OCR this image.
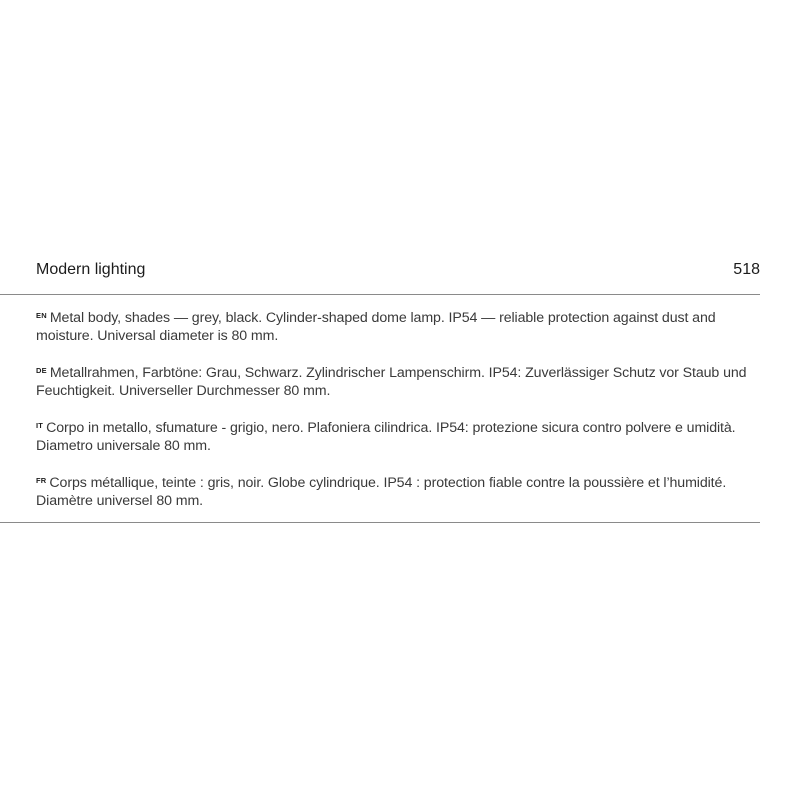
Modern lighting	518

$^{EN}$ Metal body, shades — grey, black. Cylinder-shaped dome lamp. IP54 — reliable protection against dust and moisture. Universal diameter is 80 mm.

$^{DE}$ Metallrahmen, Farbtöne: Grau, Schwarz. Zylindrischer Lampenschirm. IP54: Zuverlässiger Schutz vor Staub und Feuchtigkeit. Universeller Durchmesser 80 mm.

$^{IT}$ Corpo in metallo, sfumature - grigio, nero. Plafoniera cilindrica. IP54: protezione sicura contro polvere e umidità. Diametro universale 80 mm.

$^{FR}$ Corps métallique, teinte : gris, noir. Globe cylindrique. IP54 : protection fiable contre la poussière et l’humidité. Diamètre universel 80 mm.
